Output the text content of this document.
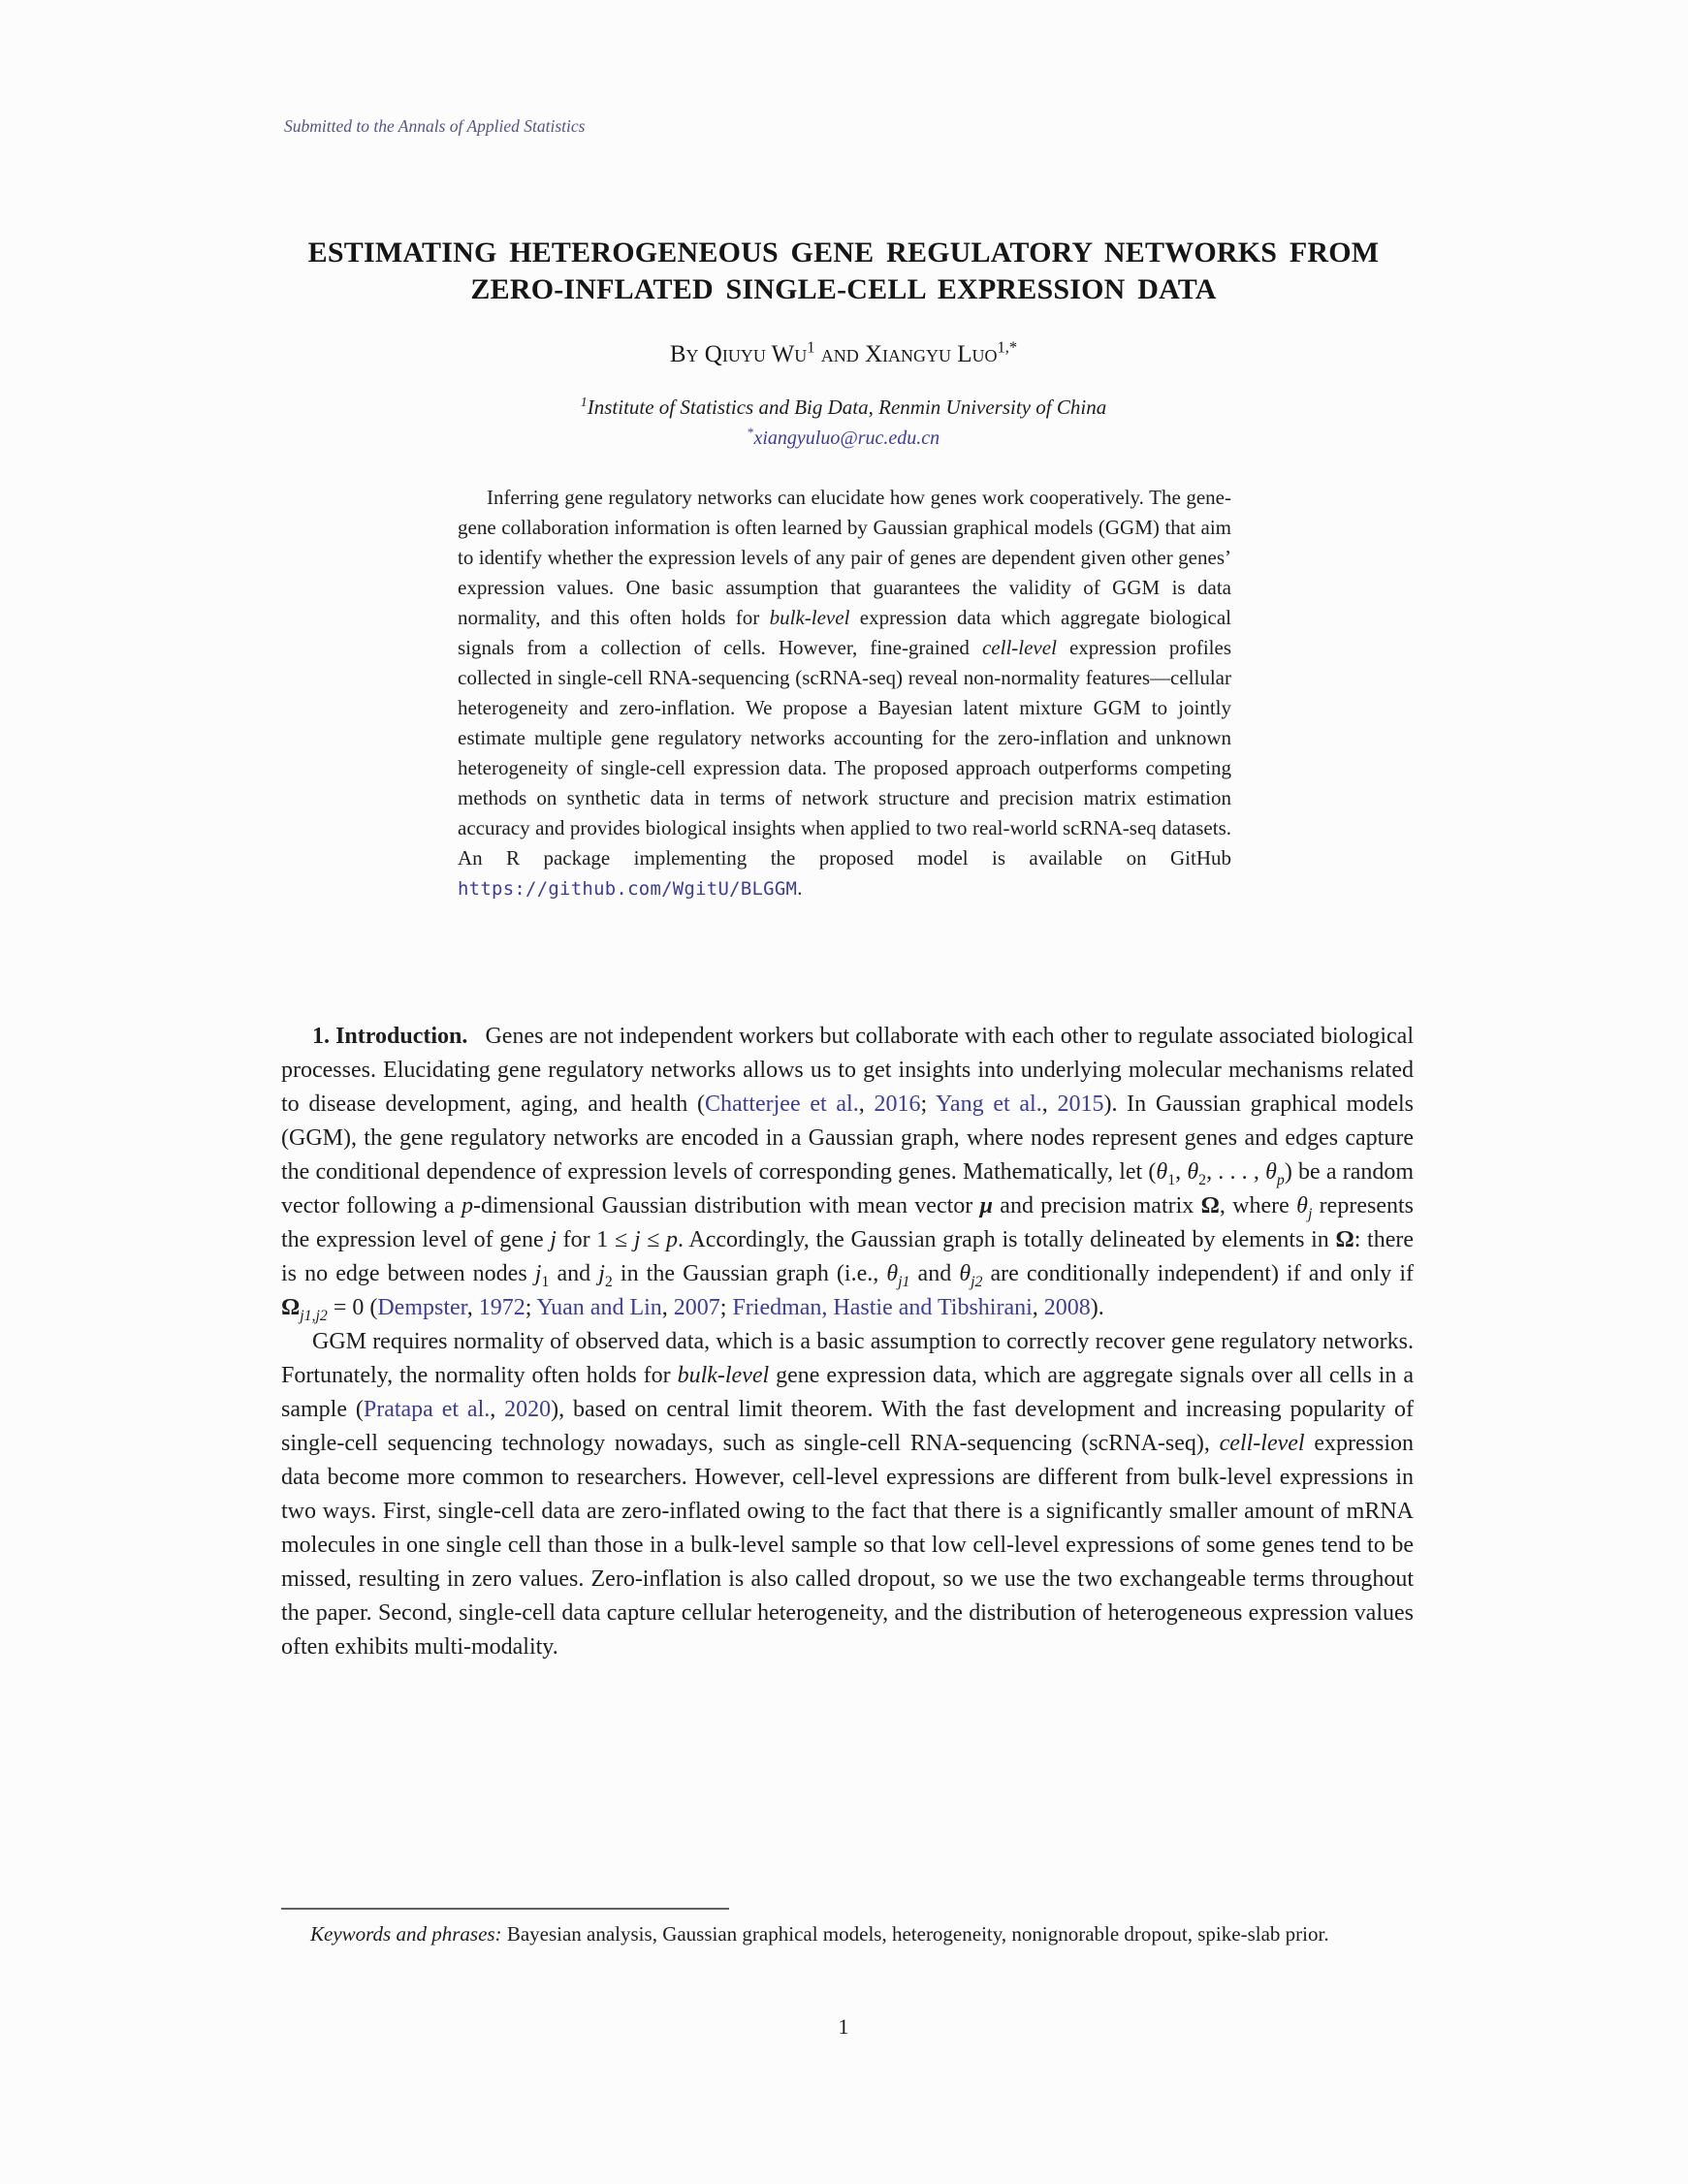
Submitted to the Annals of Applied Statistics
ESTIMATING HETEROGENEOUS GENE REGULATORY NETWORKS FROM
ZERO-INFLATED SINGLE-CELL EXPRESSION DATA
By Qiuyu Wu$^1$ and Xiangyu Luo$^{1,*}$
$^1$Institute of Statistics and Big Data, Renmin University of China
*xiangyuluo@ruc.edu.cn
Inferring gene regulatory networks can elucidate how genes work cooperatively. The gene-gene collaboration information is often learned by Gaussian graphical models (GGM) that aim to identify whether the expression levels of any pair of genes are dependent given other genes’ expression values. One basic assumption that guarantees the validity of GGM is data normality, and this often holds for bulk-level expression data which aggregate biological signals from a collection of cells. However, fine-grained cell-level expression profiles collected in single-cell RNA-sequencing (scRNA-seq) reveal non-normality features—cellular heterogeneity and zero-inflation. We propose a Bayesian latent mixture GGM to jointly estimate multiple gene regulatory networks accounting for the zero-inflation and unknown heterogeneity of single-cell expression data. The proposed approach outperforms competing methods on synthetic data in terms of network structure and precision matrix estimation accuracy and provides biological insights when applied to two real-world scRNA-seq datasets. An R package implementing the proposed model is available on GitHub https://github.com/WgitU/BLGGM.

1. Introduction.  Genes are not independent workers but collaborate with each other to regulate associated biological processes. Elucidating gene regulatory networks allows us to get insights into underlying molecular mechanisms related to disease development, aging, and health (Chatterjee et al., 2016; Yang et al., 2015). In Gaussian graphical models (GGM), the gene regulatory networks are encoded in a Gaussian graph, where nodes represent genes and edges capture the conditional dependence of expression levels of corresponding genes. Mathematically, let ($\theta_1$, $\theta_2$, . . . , $\theta_p$) be a random vector following a p-dimensional Gaussian distribution with mean vector μ and precision matrix Ω, where $\theta_j$ represents the expression level of gene j for 1 ≤ j ≤ p. Accordingly, the Gaussian graph is totally delineated by elements in Ω: there is no edge between nodes $j_1$ and $j_2$ in the Gaussian graph (i.e., $\theta_{j1}$ and $\theta_{j2}$ are conditionally independent) if and only if $\Omega_{j1,j2} = 0$ (Dempster, 1972; Yuan and Lin, 2007; Friedman, Hastie and Tibshirani, 2008).

GGM requires normality of observed data, which is a basic assumption to correctly recover gene regulatory networks. Fortunately, the normality often holds for bulk-level gene expression data, which are aggregate signals over all cells in a sample (Pratapa et al., 2020), based on central limit theorem. With the fast development and increasing popularity of single-cell sequencing technology nowadays, such as single-cell RNA-sequencing (scRNA-seq), cell-level expression data become more common to researchers. However, cell-level expressions are different from bulk-level expressions in two ways. First, single-cell data are zero-inflated owing to the fact that there is a significantly smaller amount of mRNA molecules in one single cell than those in a bulk-level sample so that low cell-level expressions of some genes tend to be missed, resulting in zero values. Zero-inflation is also called dropout, so we use the two exchangeable terms throughout the paper. Second, single-cell data capture cellular heterogeneity, and the distribution of heterogeneous expression values often exhibits multi-modality.

Keywords and phrases: Bayesian analysis, Gaussian graphical models, heterogeneity, nonignorable dropout, spike-slab prior.

1
